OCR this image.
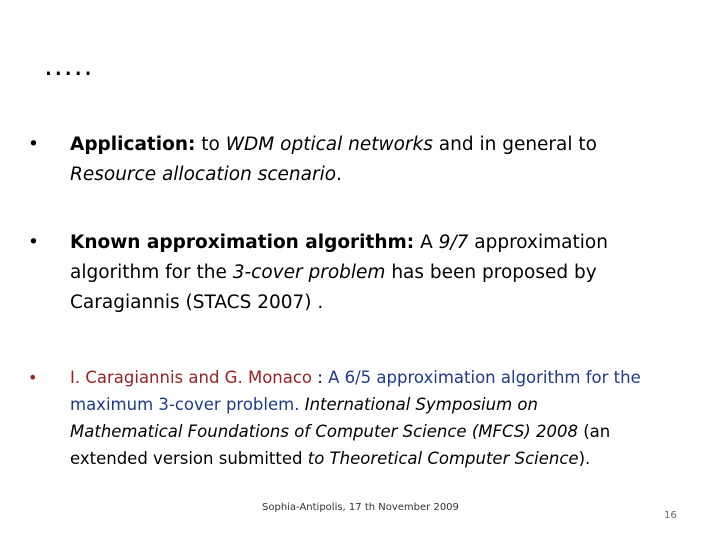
.....
•	Application: to WDM optical networks and in general to Resource allocation scenario.
•	Known approximation algorithm: A 9/7 approximation algorithm for the 3-cover problem has been proposed by Caragiannis (STACS 2007) .
•	I. Caragiannis and G. Monaco : A 6/5 approximation algorithm for the maximum 3-cover problem. International Symposium on Mathematical Foundations of Computer Science (MFCS) 2008 (an extended version submitted to Theoretical Computer Science).
Sophia-Antipolis, 17 th November 2009
16
